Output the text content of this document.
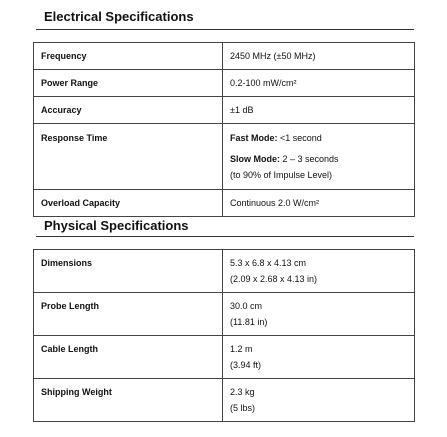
Electrical Specifications
Frequency	2450 MHz (±50 MHz)
Power Range	0.2-100 mW/cm²
Accuracy	±1 dB
Response Time	Fast Mode: <1 second
Slow Mode: 2 – 3 seconds
(to 90% of Impulse Level)

Overload Capacity	Continuous 2.0 W/cm²
Physical Specifications
Dimensions	5.3 x 6.8 x 4.13 cm
(2.09 x 2.68 x 4.13 in)

Probe Length	30.0 cm
(11.81 in)

Cable Length	1.2 m
(3.94 ft)

Shipping Weight	2.3 kg
(5 lbs)
